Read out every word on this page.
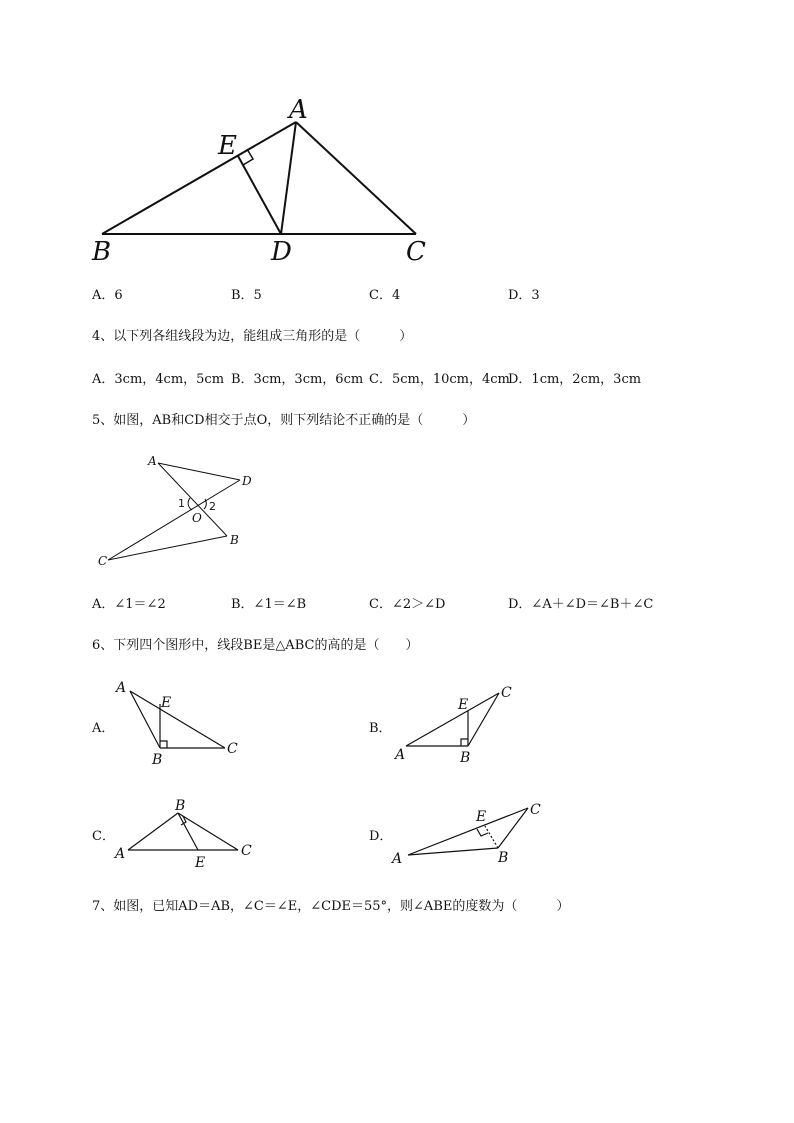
A
E
B	D	C
A．6	B．5	C．4	D．3
4、以下列各组线段为边，能组成三角形的是（　　　）
A．3cm，4cm，5cm B．3cm，3cm，6cm C．5cm，10cm，4cm
D．1cm，2cm，3cm
5、如图，AB和CD相交于点O，则下列结论不正确的是（　　　）
A
D
1 2
O
B
C
A．∠1＝∠2	B．∠1＝∠B	C．∠2＞∠D	D．∠A＋∠D＝∠B＋∠C
6、下列四个图形中，线段BE是△ABC的高的是（　　）
A．
A
E
B
C
B．
E
C
A	B
C．
B
A
E
C
D．
E	C
A	B
7、如图，已知AD＝AB，∠C＝∠E，∠CDE＝55°，则∠ABE的度数为（　　　）
